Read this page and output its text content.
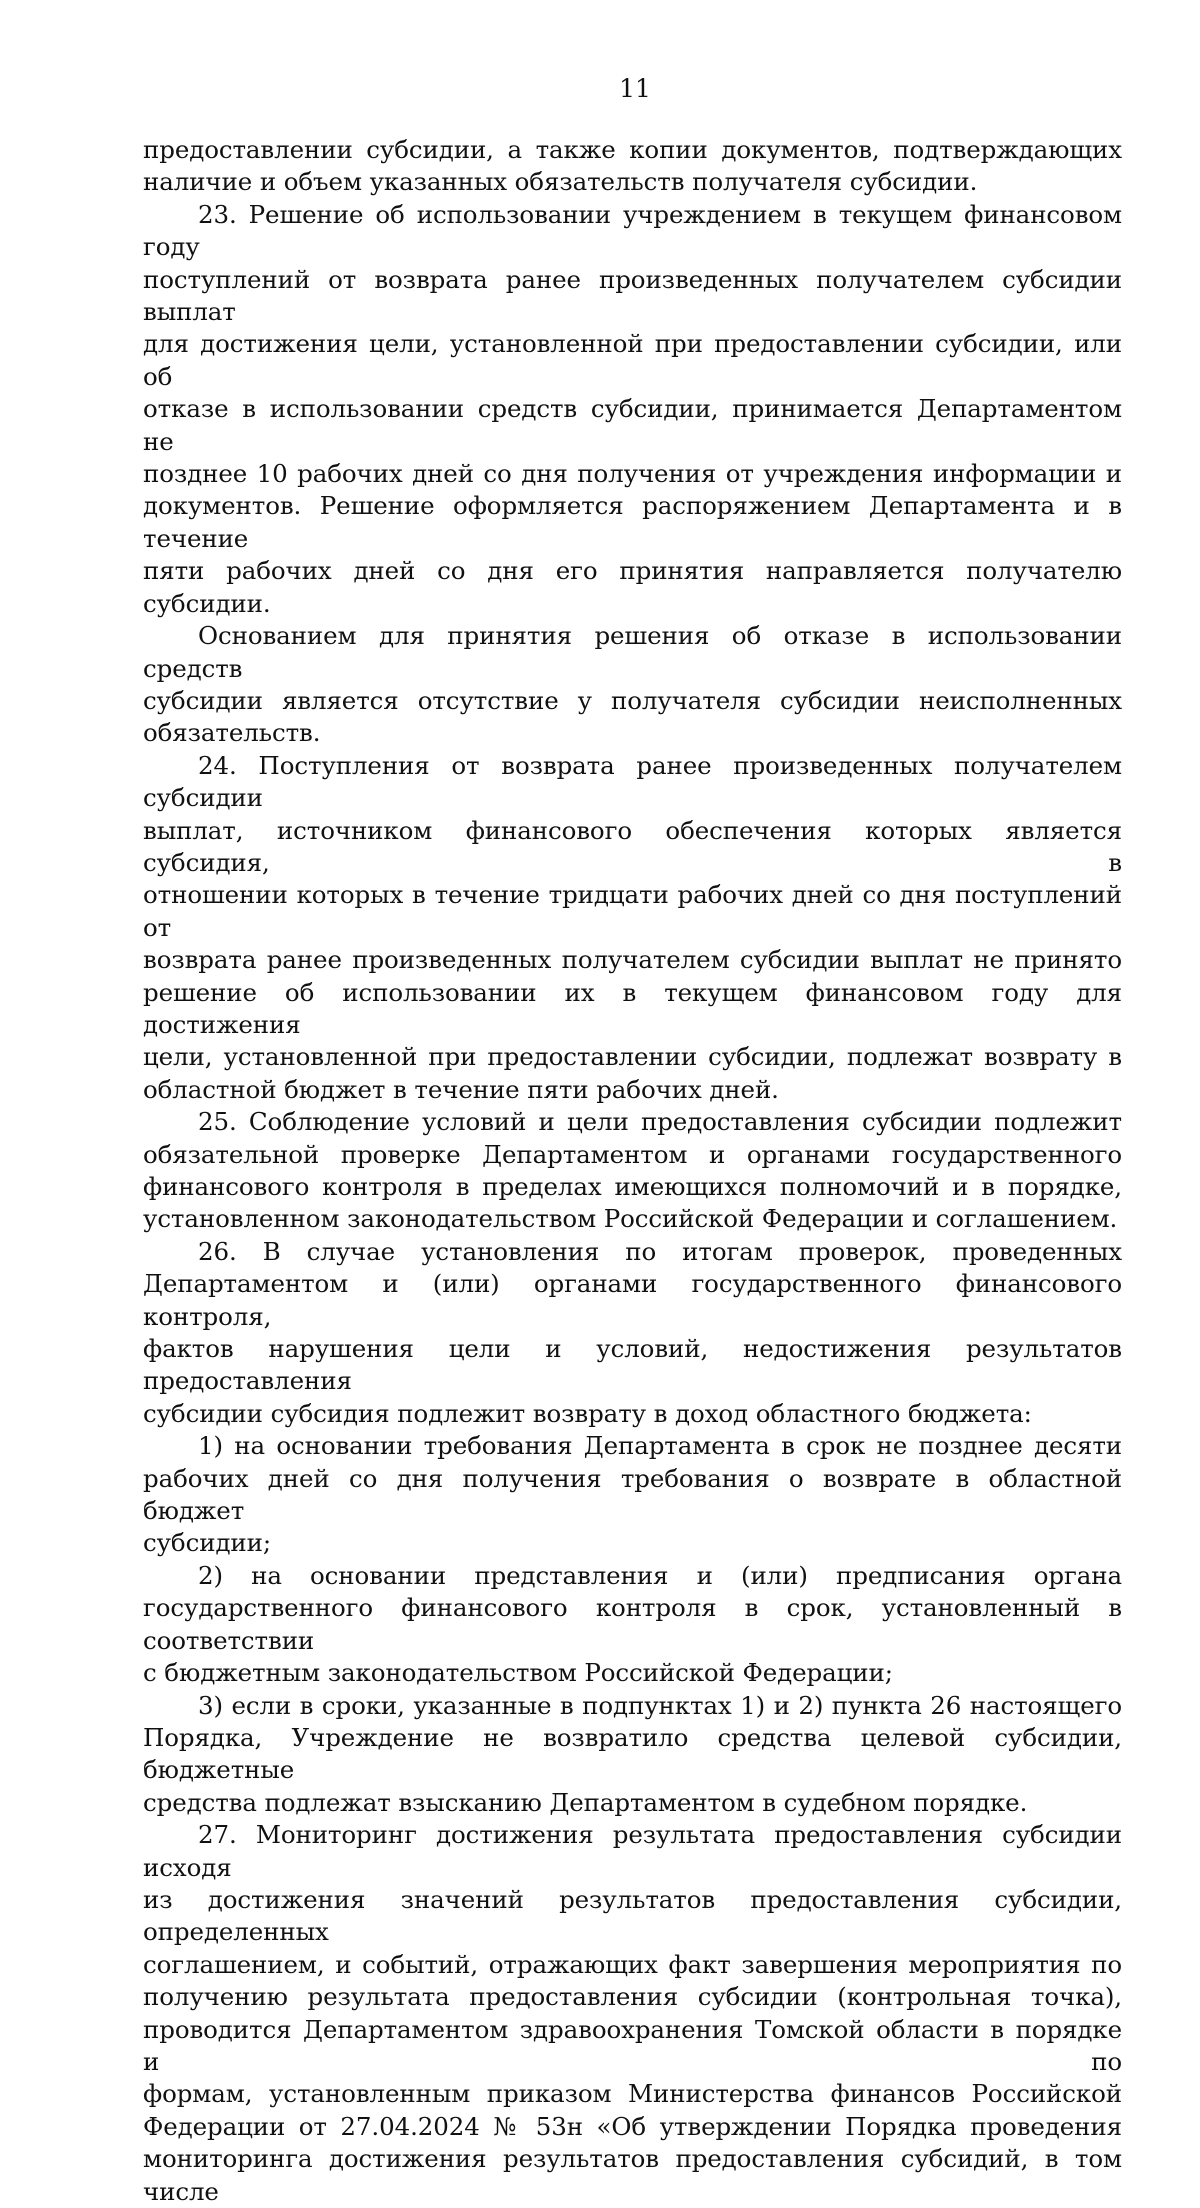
11

предоставлении субсидии, а также копии документов, подтверждающих

наличие и объем указанных обязательств получателя субсидии.

23. Решение об использовании учреждением в текущем финансовом году

поступлений от возврата ранее произведенных получателем субсидии выплат

для достижения цели, установленной при предоставлении субсидии, или об

отказе в использовании средств субсидии, принимается Департаментом не

позднее 10 рабочих дней со дня получения от учреждения информации и

документов. Решение оформляется распоряжением Департамента и в течение

пяти рабочих дней со дня его принятия направляется получателю субсидии.

Основанием для принятия решения об отказе в использовании средств

субсидии является отсутствие у получателя субсидии неисполненных

обязательств.

24. Поступления от возврата ранее произведенных получателем субсидии

выплат, источником финансового обеспечения которых является субсидия, в

отношении которых в течение тридцати рабочих дней со дня поступлений от

возврата ранее произведенных получателем субсидии выплат не принято

решение об использовании их в текущем финансовом году для достижения

цели, установленной при предоставлении субсидии, подлежат возврату в

областной бюджет в течение пяти рабочих дней.

25. Соблюдение условий и цели предоставления субсидии подлежит

обязательной проверке Департаментом и органами государственного

финансового контроля в пределах имеющихся полномочий и в порядке,

установленном законодательством Российской Федерации и соглашением.

26. В случае установления по итогам проверок, проведенных

Департаментом и (или) органами государственного финансового контроля,

фактов нарушения цели и условий, недостижения результатов предоставления

субсидии субсидия подлежит возврату в доход областного бюджета:

1) на основании требования Департамента в срок не позднее десяти

рабочих дней со дня получения требования о возврате в областной бюджет

субсидии;

2) на основании представления и (или) предписания органа

государственного финансового контроля в срок, установленный в соответствии

с бюджетным законодательством Российской Федерации;

3) если в сроки, указанные в подпунктах 1) и 2) пункта 26 настоящего

Порядка, Учреждение не возвратило средства целевой субсидии, бюджетные

средства подлежат взысканию Департаментом в судебном порядке.

27. Мониторинг достижения результата предоставления субсидии исходя

из достижения значений результатов предоставления субсидии, определенных

соглашением, и событий, отражающих факт завершения мероприятия по

получению результата предоставления субсидии (контрольная точка),

проводится Департаментом здравоохранения Томской области в порядке и по

формам, установленным приказом Министерства финансов Российской

Федерации от 27.04.2024 № 53н «Об утверждении Порядка проведения

мониторинга достижения результатов предоставления субсидий, в том числе
